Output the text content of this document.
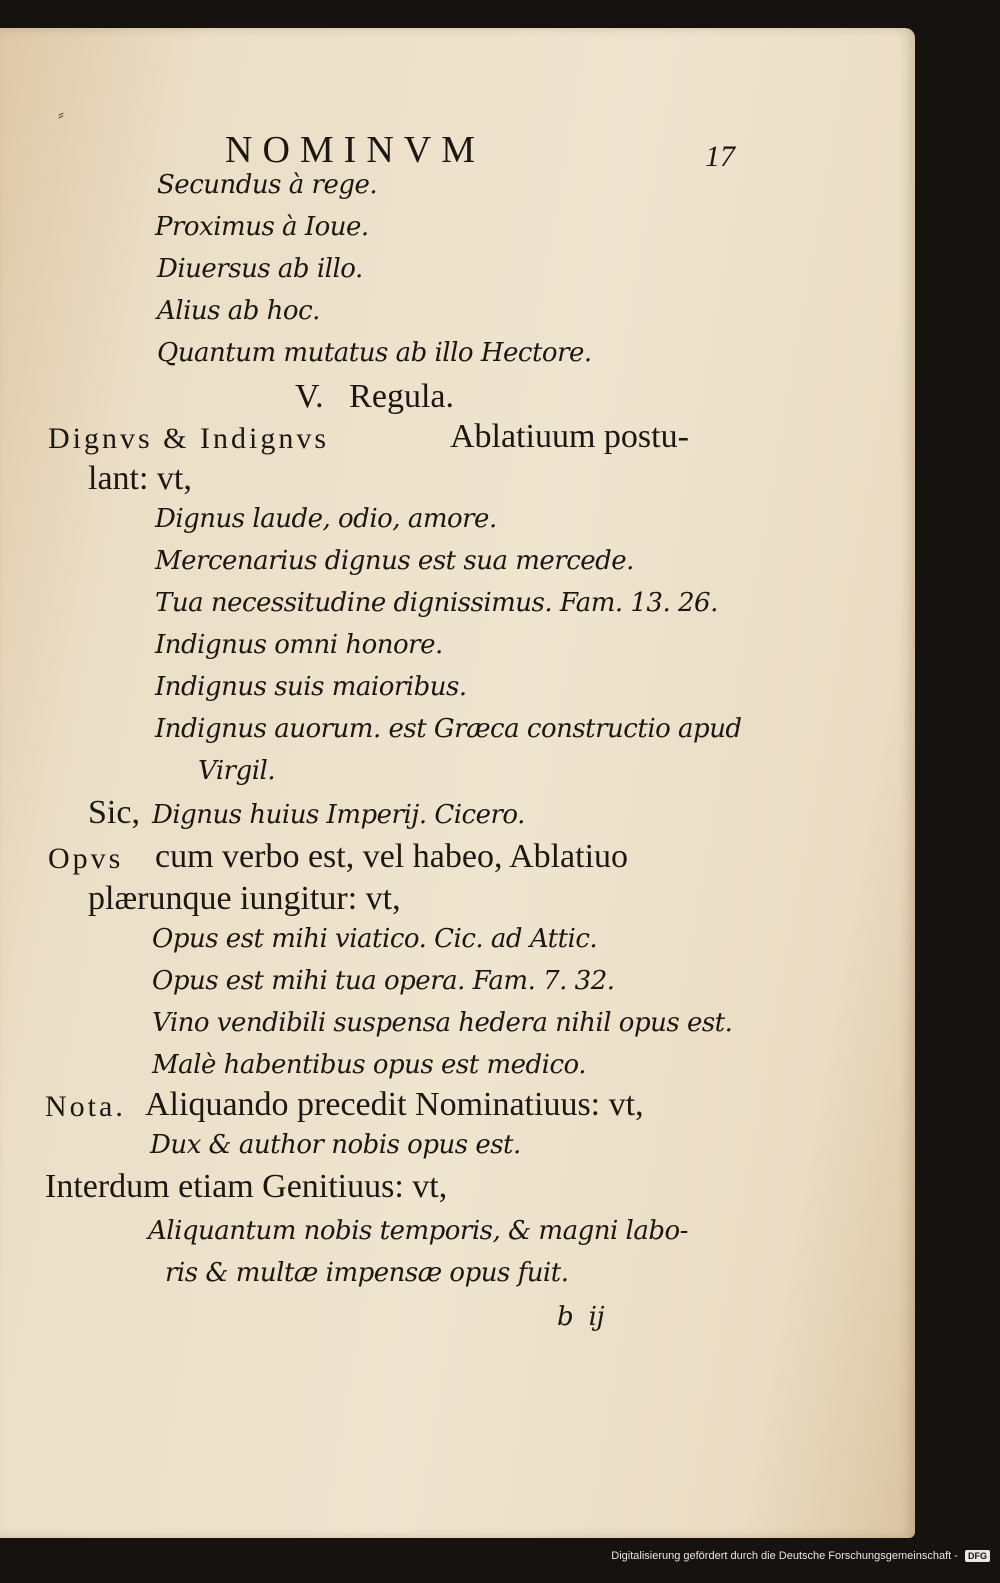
⸗
NOMINVM	17
Secundus à rege.
Proximus à Ioue.
Diuersus ab illo.
Alius ab hoc.
Quantum mutatus ab illo Hectore.
V.   Regula.
Dignvs & Indignvs	Ablatiuum postu-
lant: vt,
Dignus laude, odio, amore.
Mercenarius dignus est sua mercede.
Tua necessitudine dignissimus. Fam. 13. 26.
Indignus omni honore.
Indignus suis maioribus.
Indignus auorum. est Græca constructio apud
Virgil.
Sic, Dignus huius Imperij. Cicero.
Opvs cum verbo est, vel habeo, Ablatiuo
plærunque iungitur: vt,
Opus est mihi viatico. Cic. ad Attic.
Opus est mihi tua opera. Fam. 7. 32.
Vino vendibili suspensa hedera nihil opus est.
Malè habentibus opus est medico.
Nota. Aliquando precedit Nominatiuus: vt,
Dux & author nobis opus est.
Interdum etiam Genitiuus: vt,
Aliquantum nobis temporis, & magni labo-
ris & multæ impensæ opus fuit.
b  ij
Digitalisierung gefördert durch die Deutsche Forschungsgemeinschaft - DFG
